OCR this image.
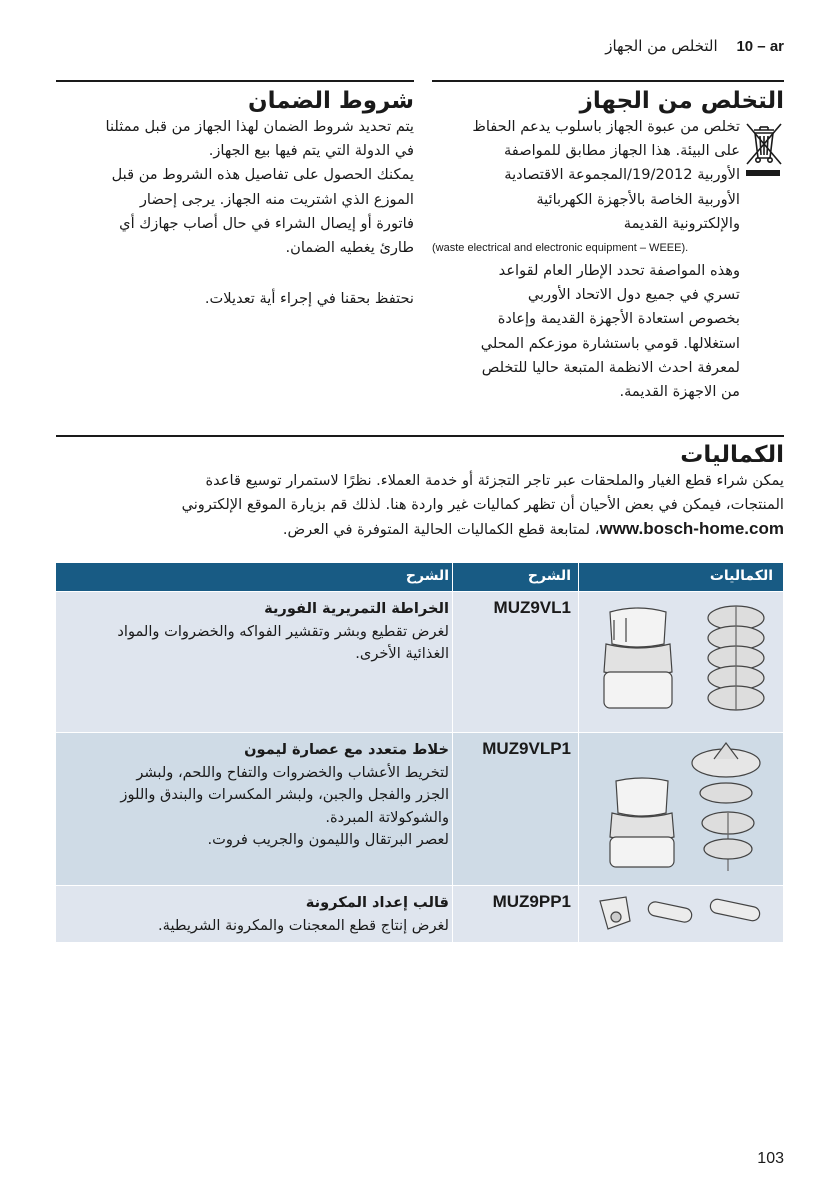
التخلص من الجهاز 10 – ar
التخلص من الجهاز
تخلص من عبوة الجهاز باسلوب يدعم الحفاظ
على البيئة. هذا الجهاز مطابق للمواصفة
الأوربية 19/2012/المجموعة الاقتصادية
الأوربية الخاصة بالأجهزة الكهربائية
والإلكترونية القديمة
(waste electrical and electronic equipment – WEEE).
وهذه المواصفة تحدد الإطار العام لقواعد
تسري في جميع دول الاتحاد الأوربي
بخصوص استعادة الأجهزة القديمة وإعادة
استغلالها. قومي باستشارة موزعكم المحلي
لمعرفة احدث الانظمة المتبعة حاليا للتخلص
من الاجهزة القديمة.
شروط الضمان
يتم تحديد شروط الضمان لهذا الجهاز من قبل ممثلنا
في الدولة التي يتم فيها بيع الجهاز.
يمكنك الحصول على تفاصيل هذه الشروط من قبل
الموزع الذي اشتريت منه الجهاز. يرجى إحضار
فاتورة أو إيصال الشراء في حال أصاب جهازك أي
طارئ يغطيه الضمان.
نحتفظ بحقنا في إجراء أية تعديلات.
الكماليات
يمكن شراء قطع الغيار والملحقات عبر تاجر التجزئة أو خدمة العملاء. نظرًا لاستمرار توسيع قاعدة
المنتجات، فيمكن في بعض الأحيان أن تظهر كماليات غير واردة هنا. لذلك قم بزيارة الموقع الإلكتروني
www.bosch-home.com، لمتابعة قطع الكماليات الحالية المتوفرة في العرض.
الكماليات
الشرح
الشرح
MUZ9VL1
الخراطة التمريرية الفورية
لغرض تقطيع وبشر وتقشير الفواكه والخضروات والمواد
الغذائية الأخرى.
MUZ9VLP1
خلاط متعدد مع عصارة ليمون
لتخريط الأعشاب والخضروات والتفاح واللحم، ولبشر
الجزر والفجل والجبن، ولبشر المكسرات والبندق واللوز
والشوكولاتة المبردة.
لعصر البرتقال والليمون والجريب فروت.
MUZ9PP1
قالب إعداد المكرونة
لغرض إنتاج قطع المعجنات والمكرونة الشريطية.
103
